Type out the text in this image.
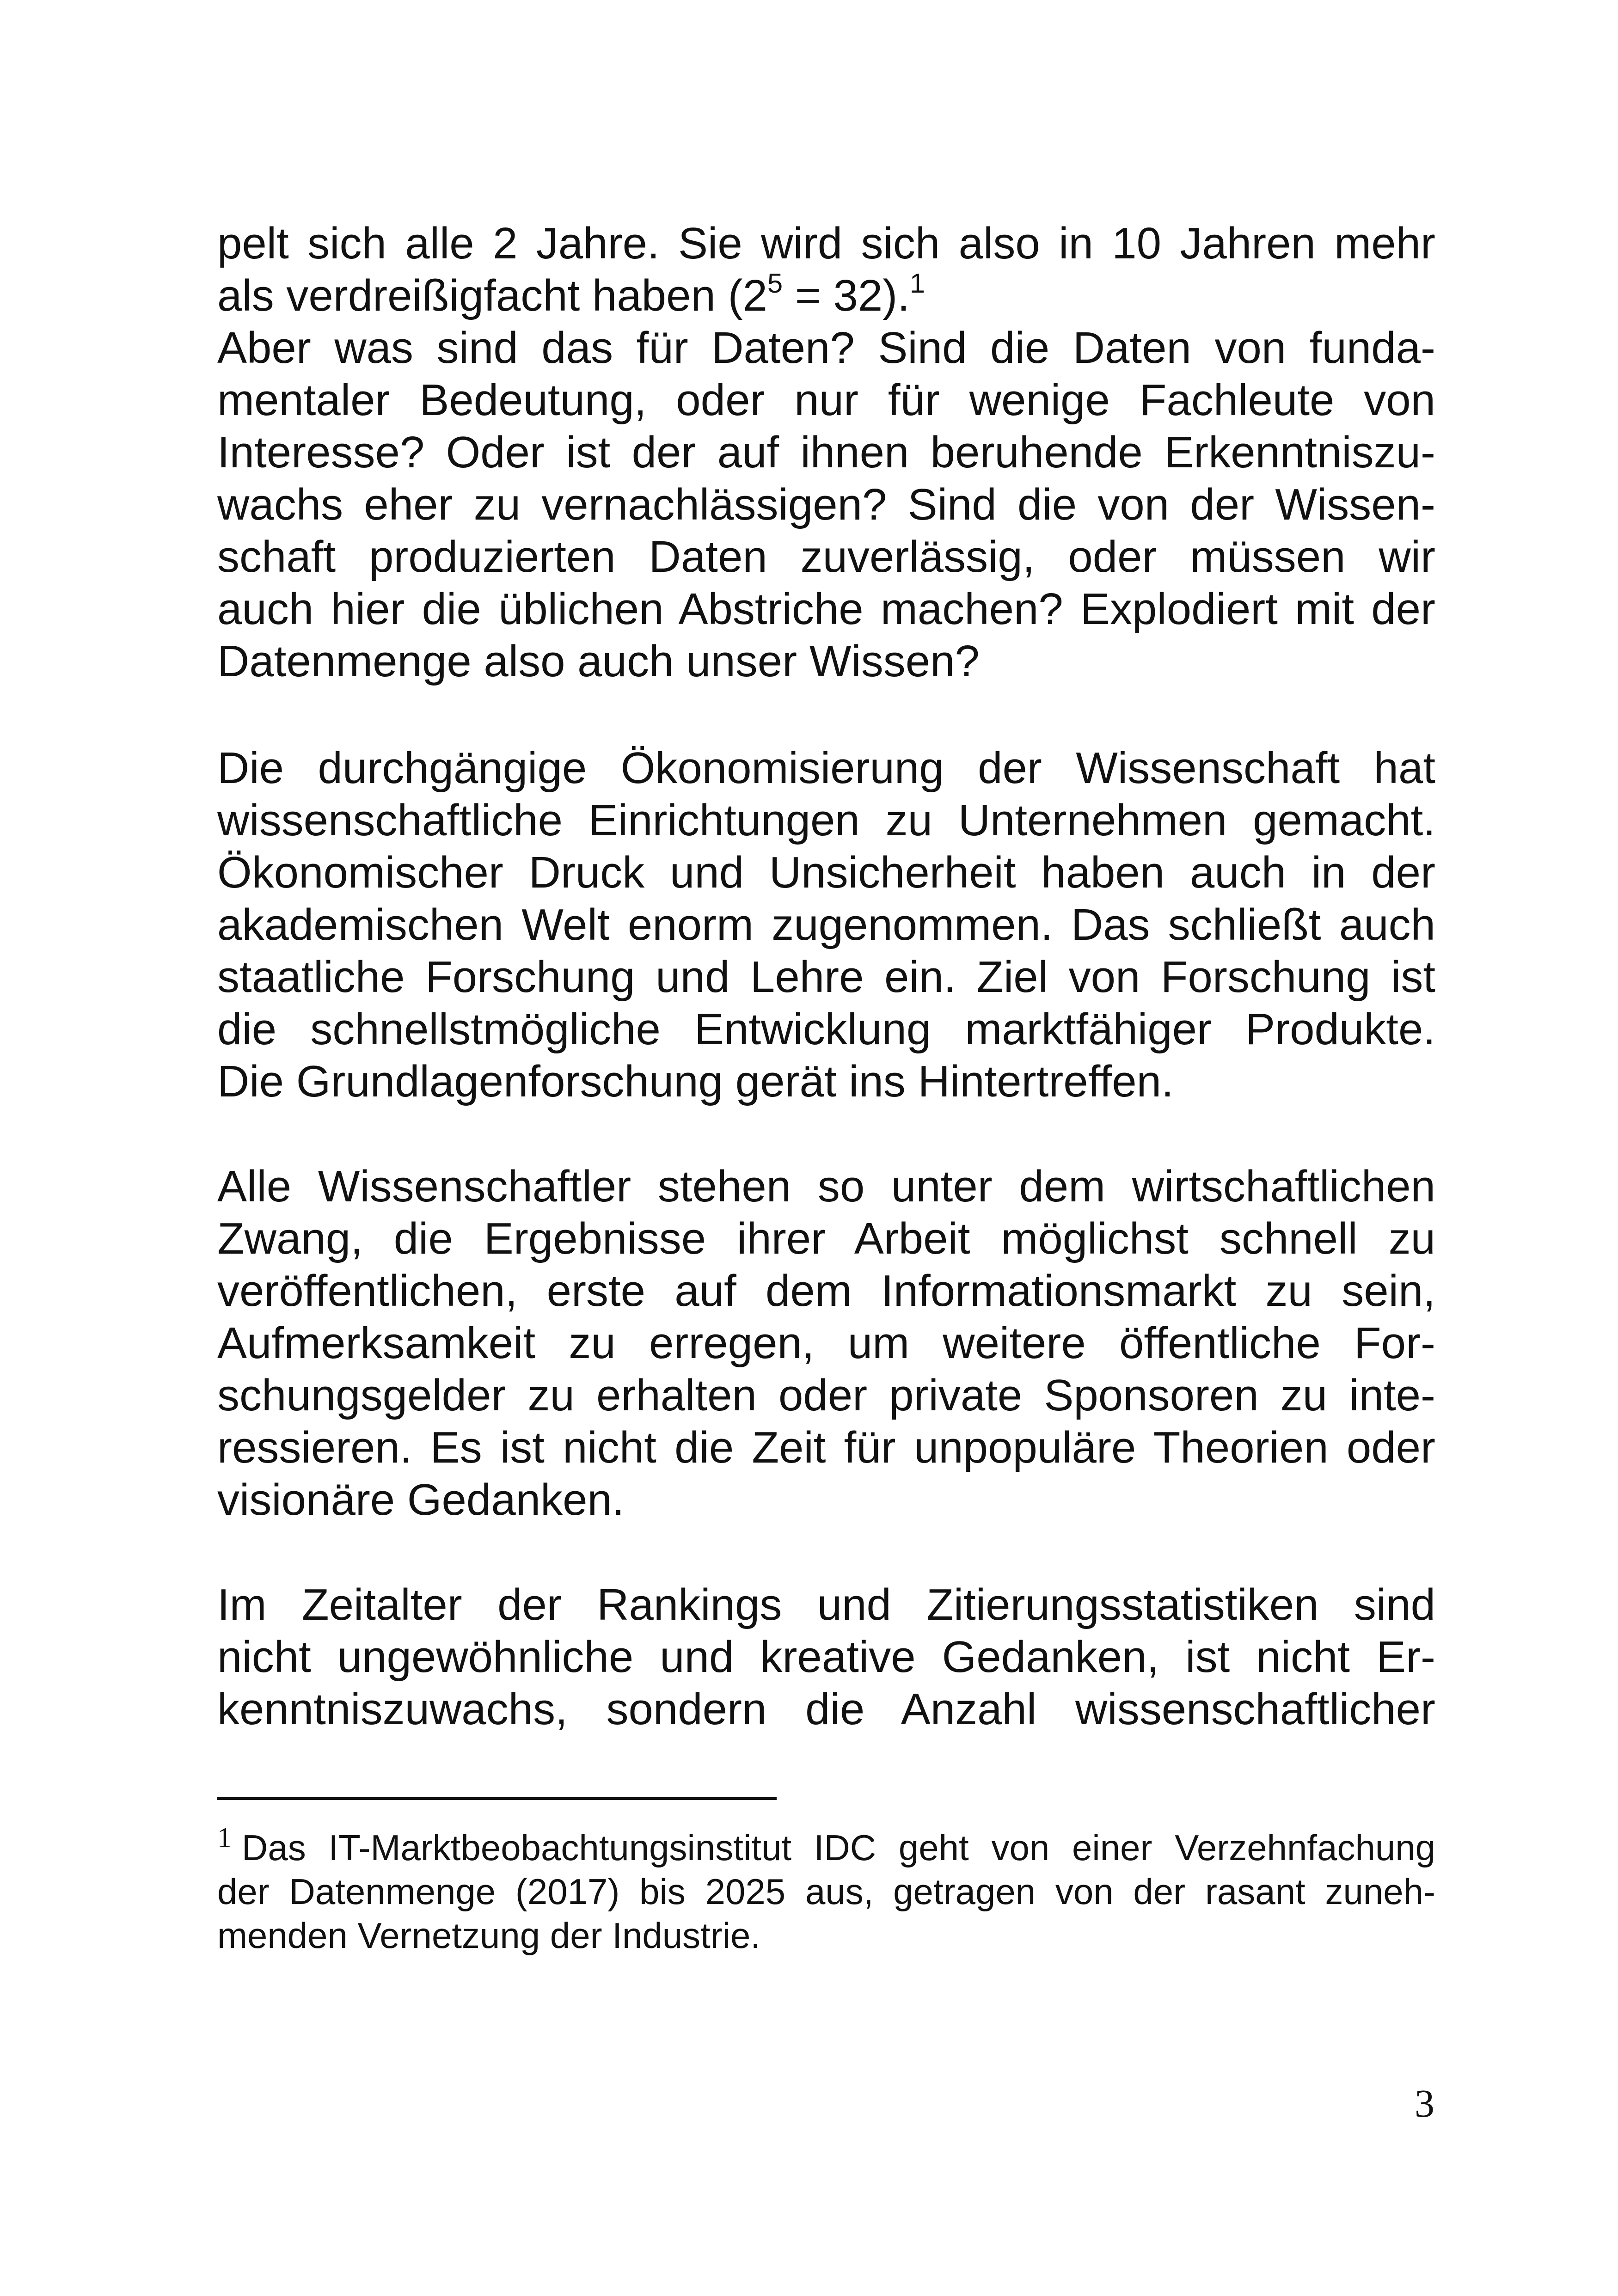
pelt sich alle 2 Jahre. Sie wird sich also in 10 Jahren mehr
als verdreißigfacht haben $(2^5 = 32).^1$
Aber was sind das für Daten? Sind die Daten von funda-
mentaler Bedeutung, oder nur für wenige Fachleute von
Interesse? Oder ist der auf ihnen beruhende Erkenntniszu-
wachs eher zu vernachlässigen? Sind die von der Wissen-
schaft produzierten Daten zuverlässig, oder müssen wir
auch hier die üblichen Abstriche machen? Explodiert mit der
Datenmenge also auch unser Wissen?

Die durchgängige Ökonomisierung der Wissenschaft hat
wissenschaftliche Einrichtungen zu Unternehmen gemacht.
Ökonomischer Druck und Unsicherheit haben auch in der
akademischen Welt enorm zugenommen. Das schließt auch
staatliche Forschung und Lehre ein. Ziel von Forschung ist
die schnellstmögliche Entwicklung marktfähiger Produkte.
Die Grundlagenforschung gerät ins Hintertreffen.

Alle Wissenschaftler stehen so unter dem wirtschaftlichen
Zwang, die Ergebnisse ihrer Arbeit möglichst schnell zu
veröffentlichen, erste auf dem Informationsmarkt zu sein,
Aufmerksamkeit zu erregen, um weitere öffentliche For-
schungsgelder zu erhalten oder private Sponsoren zu inte-
ressieren. Es ist nicht die Zeit für unpopuläre Theorien oder
visionäre Gedanken.

Im Zeitalter der Rankings und Zitierungsstatistiken sind
nicht ungewöhnliche und kreative Gedanken, ist nicht Er-
kenntniszuwachs, sondern die Anzahl wissenschaftlicher

$^1$ Das IT-Marktbeobachtungsinstitut IDC geht von einer Verzehnfachung
der Datenmenge (2017) bis 2025 aus, getragen von der rasant zuneh-
menden Vernetzung der Industrie.

3
